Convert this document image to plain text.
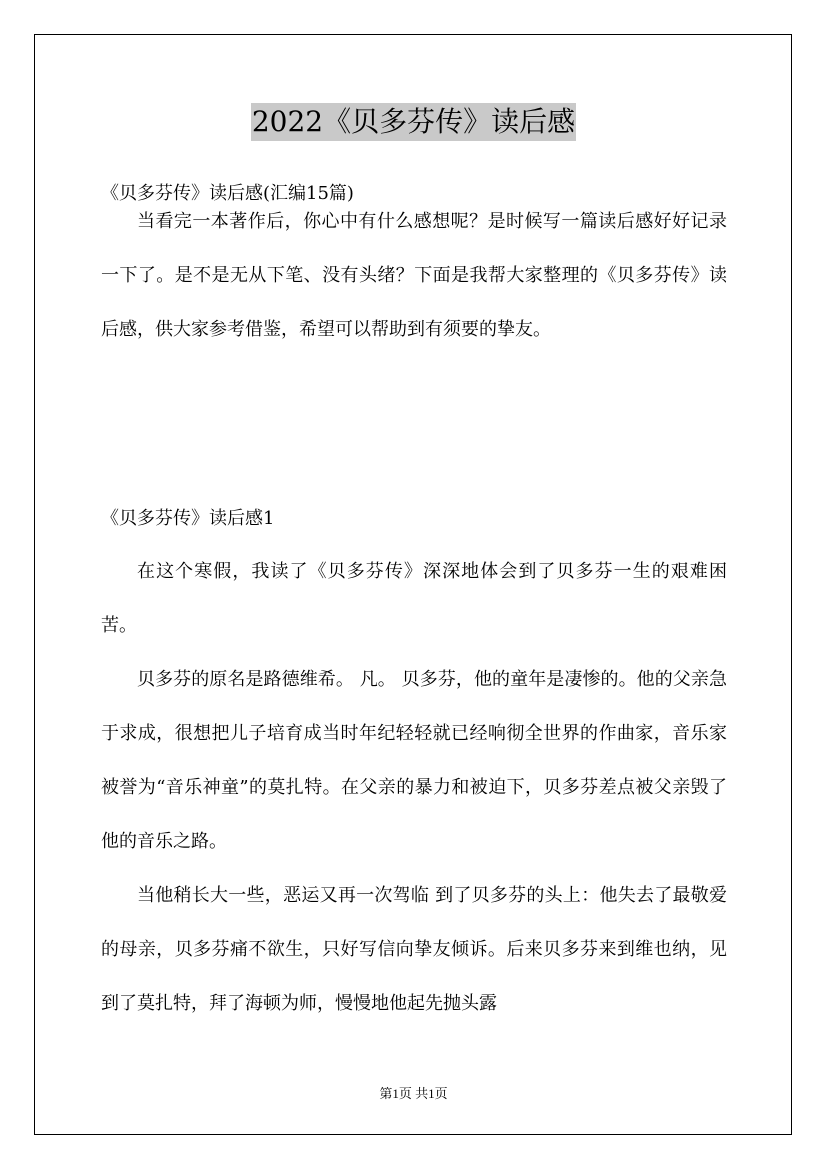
2022《贝多芬传》读后感
《贝多芬传》读后感(汇编15篇)

当看完一本著作后，你心中有什么感想呢？是时候写一篇读后感好好记录一下了。是不是无从下笔、没有头绪？下面是我帮大家整理的《贝多芬传》读后感，供大家参考借鉴，希望可以帮助到有须要的挚友。

《贝多芬传》读后感1

在这个寒假，我读了《贝多芬传》深深地体会到了贝多芬一生的艰难困苦。

贝多芬的原名是路德维希。 凡。 贝多芬，他的童年是凄惨的。他的父亲急于求成，很想把儿子培育成当时年纪轻轻就已经响彻全世界的作曲家，音乐家被誉为“音乐神童”的莫扎特。在父亲的暴力和被迫下，贝多芬差点被父亲毁了他的音乐之路。

当他稍长大一些，恶运又再一次驾临 到了贝多芬的头上：他失去了最敬爱的母亲，贝多芬痛不欲生，只好写信向挚友倾诉。后来贝多芬来到维也纳，见到了莫扎特，拜了海顿为师，慢慢地他起先抛头露

第1页 共1页
